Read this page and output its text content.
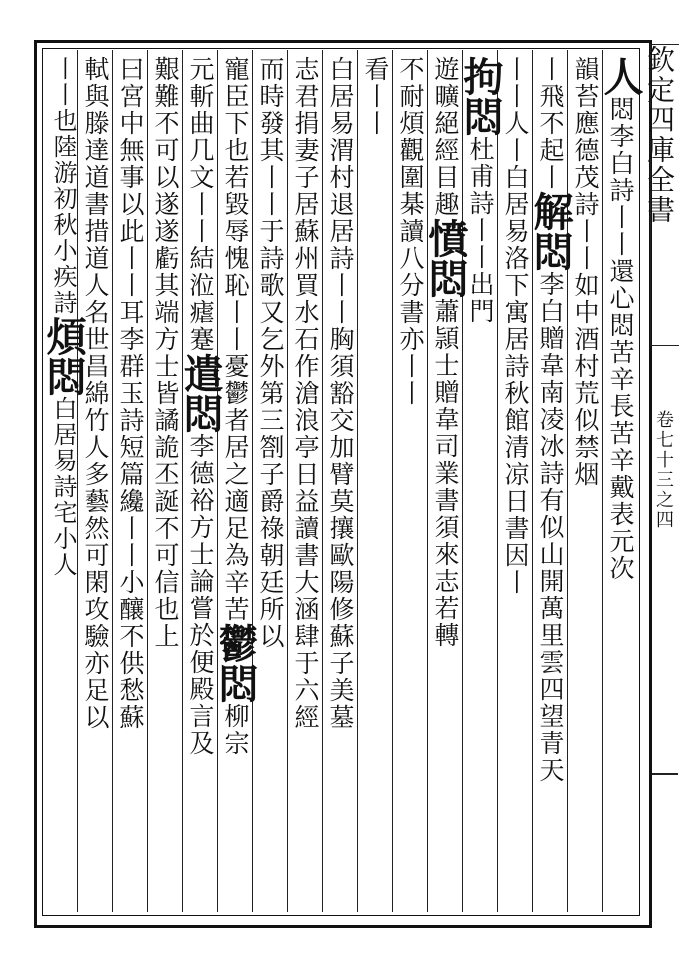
欽定四庫全書
卷七十三之四
人悶李白詩丨丨還心悶苦辛長苦辛戴表元次
韻苔應德茂詩丨丨如中酒村荒似禁烟
丨飛不起丨解悶李白贈韋南凌冰詩有似山開萬里雲四望青天
丨丨人丨白居易洛下寓居詩秋館清凉日書因丨
拘悶杜甫詩丨丨出門
遊曠絕經目趣憤悶蕭頴士贈韋司業書須來志若轉
不耐煩觀圍棊讀八分書亦丨丨
看丨丨
白居易渭村退居詩丨丨胸須豁交加臂莫攘歐陽修蘇子美墓
志君捐妻子居蘇州買水石作滄浪亭日益讀書大涵肆于六經
而時發其丨丨于詩歌又乞外第三劄子爵祿朝廷所以
寵臣下也若毀辱愧恥丨丨憂鬱者居之適足為辛苦鬱悶柳宗
元斬曲几文丨丨結涖瘧蹇遣悶李德裕方士論嘗於便殿言及
艱難不可以遂遂虧其端方士皆譎詭丕誕不可信也上
曰宮中無事以此丨丨耳李群玉詩短篇纔丨丨小釀不供愁蘇
軾與滕達道書措道人名世昌綿竹人多藝然可閑攻驗亦足以
丨丨也陸游初秋小疾詩煩悶白居易詩宅小人
